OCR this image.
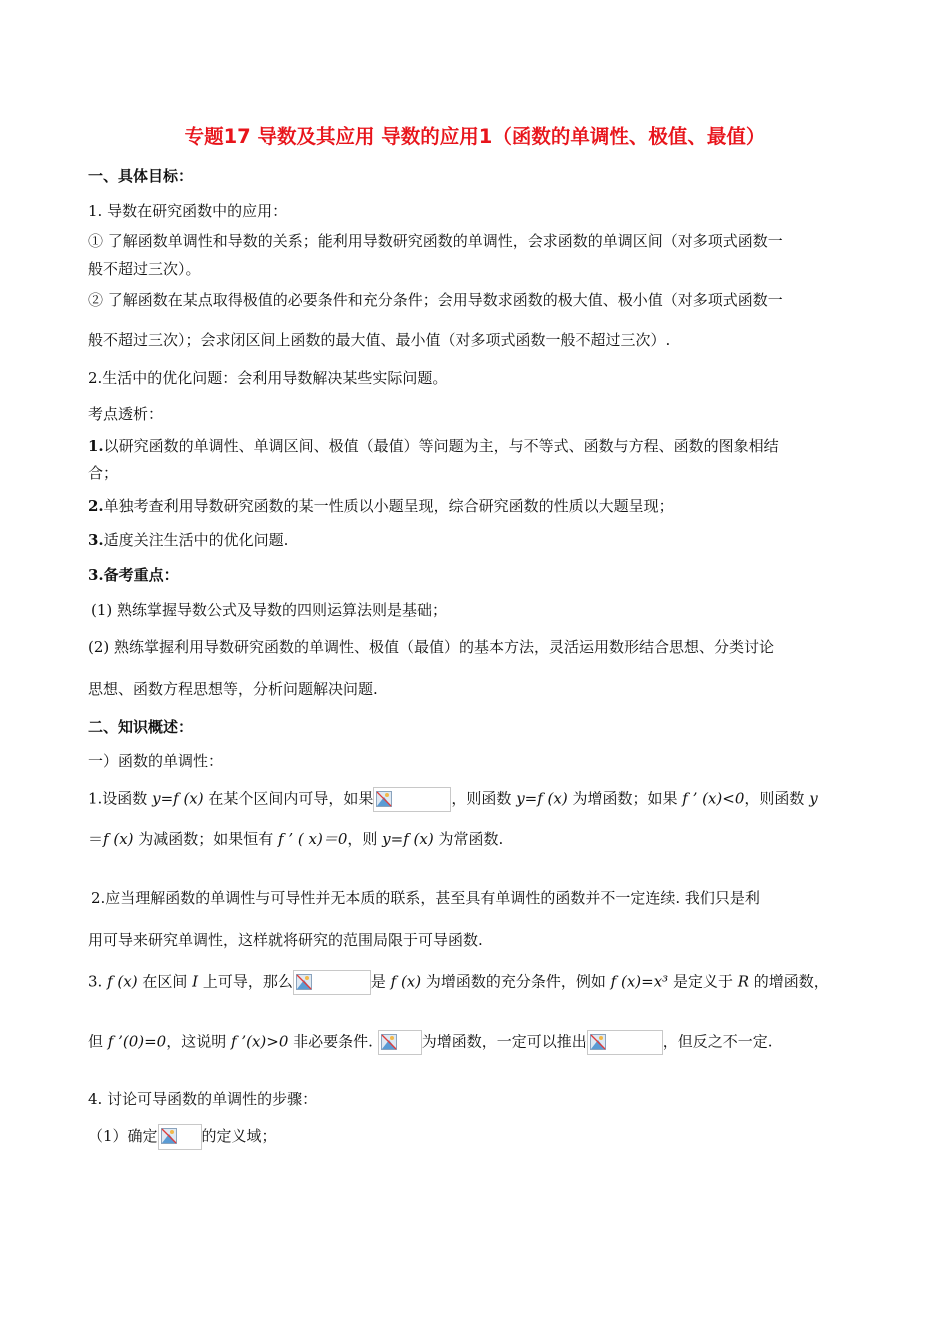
专题17 导数及其应用 导数的应用1（函数的单调性、极值、最值）
一、具体目标：
1. 导数在研究函数中的应用：
① 了解函数单调性和导数的关系；能利用导数研究函数的单调性，会求函数的单调区间（对多项式函数一
般不超过三次）。
② 了解函数在某点取得极值的必要条件和充分条件；会用导数求函数的极大值、极小值（对多项式函数一
般不超过三次）；会求闭区间上函数的最大值、最小值（对多项式函数一般不超过三次）.
2.生活中的优化问题：会利用导数解决某些实际问题。
考点透析：
1.以研究函数的单调性、单调区间、极值（最值）等问题为主，与不等式、函数与方程、函数的图象相结
合；
2.单独考查利用导数研究函数的某一性质以小题呈现，综合研究函数的性质以大题呈现；
3.适度关注生活中的优化问题.
3.备考重点：
(1) 熟练掌握导数公式及导数的四则运算法则是基础；
(2) 熟练掌握利用导数研究函数的单调性、极值（最值）的基本方法，灵活运用数形结合思想、分类讨论
思想、函数方程思想等，分析问题解决问题.
二、知识概述：
一）函数的单调性：
1.设函数 y=f (x) 在某个区间内可导，如果	，则函数 y=f (x) 为增函数；如果 f ’ (x)<0，则函数 y
＝f (x) 为减函数；如果恒有 f ’ ( x)＝0，则 y=f (x) 为常函数.
2.应当理解函数的单调性与可导性并无本质的联系，甚至具有单调性的函数并不一定连续. 我们只是利
用可导来研究单调性，这样就将研究的范围局限于可导函数.
3. f (x) 在区间 I 上可导，那么	是 f (x) 为增函数的充分条件，例如 f (x)=x³ 是定义于 R 的增函数，
但 f ’(0)=0，这说明 f ’(x)>0 非必要条件.	为增函数，一定可以推出	，但反之不一定.
4. 讨论可导函数的单调性的步骤：
（1）确定	的定义域；
